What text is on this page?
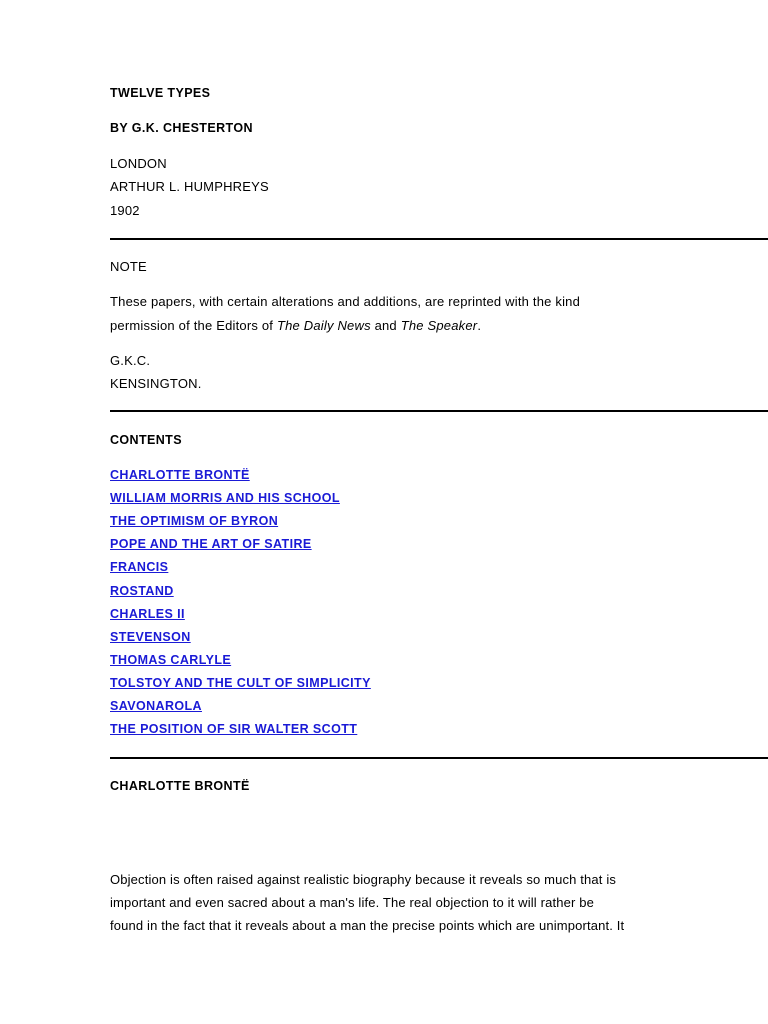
TWELVE TYPES
BY G.K. CHESTERTON

LONDON

ARTHUR L. HUMPHREYS

1902

NOTE

These papers, with certain alterations and additions, are reprinted with the kind

permission of the Editors of The Daily News and The Speaker.

G.K.C.

KENSINGTON.

CONTENTS
CHARLOTTE BRONTË
WILLIAM MORRIS AND HIS SCHOOL
THE OPTIMISM OF BYRON
POPE AND THE ART OF SATIRE
FRANCIS
ROSTAND
CHARLES II
STEVENSON
THOMAS CARLYLE
TOLSTOY AND THE CULT OF SIMPLICITY
SAVONAROLA
THE POSITION OF SIR WALTER SCOTT
CHARLOTTE BRONTË
Objection is often raised against realistic biography because it reveals so much that is
important and even sacred about a man's life. The real objection to it will rather be
found in the fact that it reveals about a man the precise points which are unimportant. It
